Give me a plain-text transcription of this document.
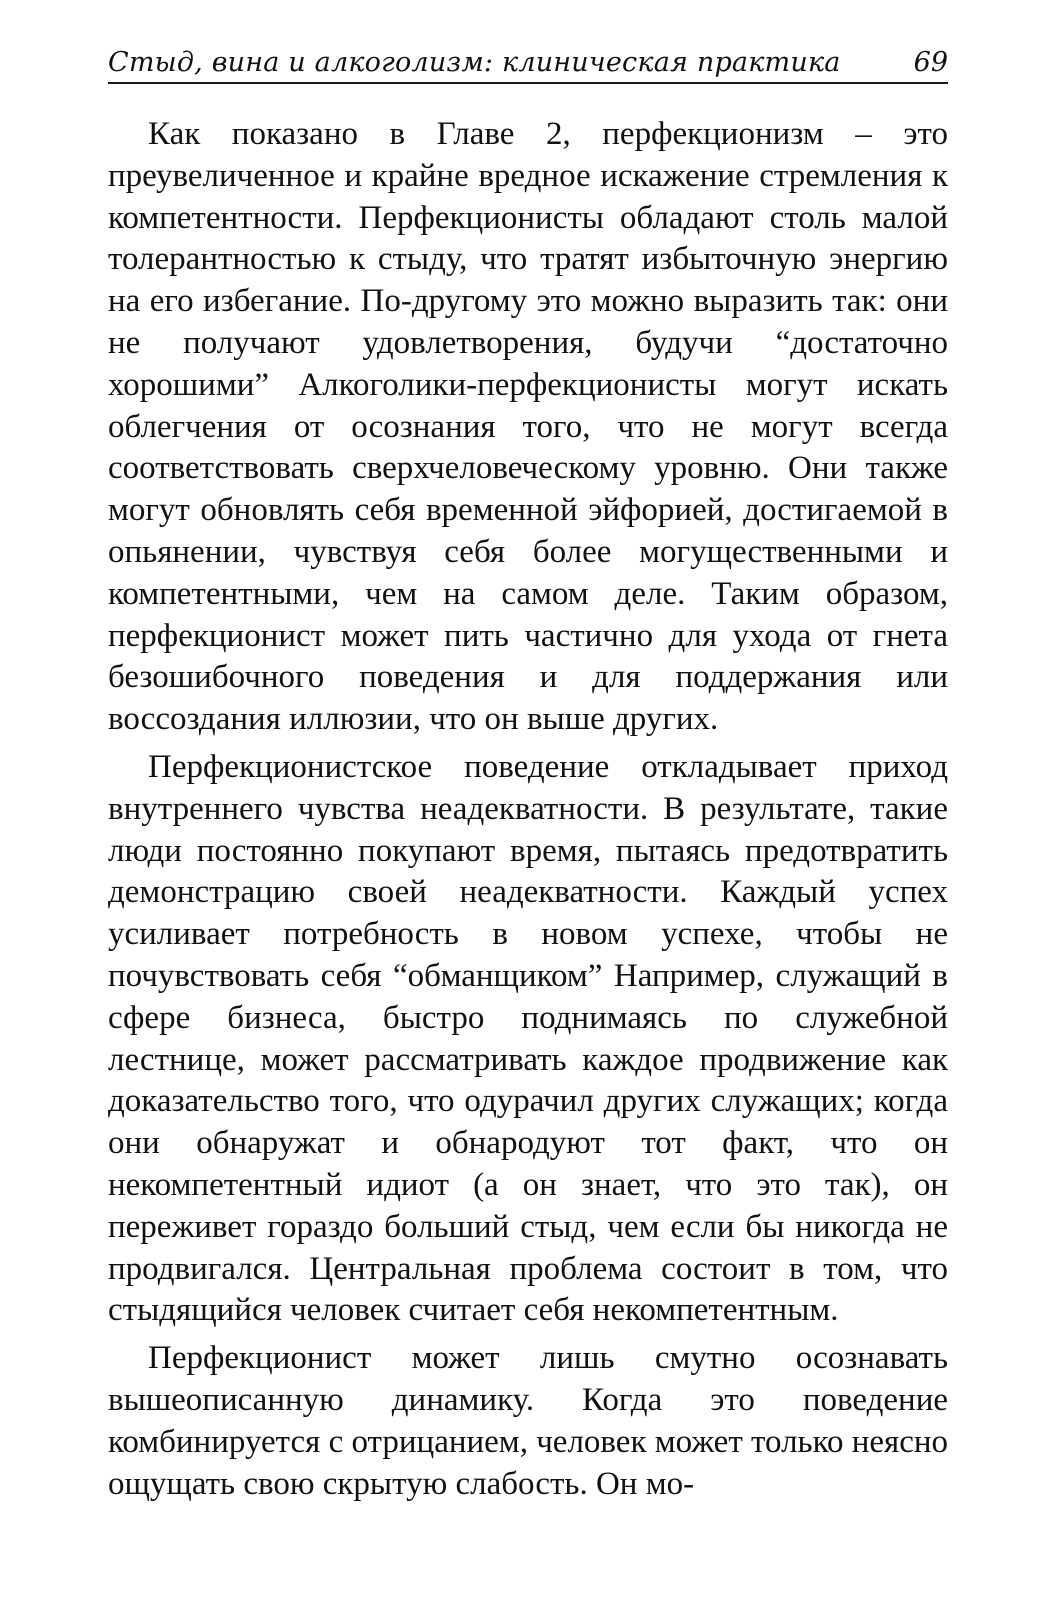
Стыд, вина и алкоголизм: клиническая практика	69

Как показано в Главе 2, перфекционизм – это преувеличенное и крайне вредное искажение стремления к компетентности. Перфекционисты обладают столь малой толерантностью к стыду, что тратят избыточную энергию на его избегание. По-другому это можно выразить так: они не получают удовлетворения, будучи “достаточно хорошими” Алкоголики-перфекционисты могут искать облегчения от осознания того, что не могут всегда соответствовать сверхчеловеческому уровню. Они также могут обновлять себя временной эйфорией, достигаемой в опьянении, чувствуя себя более могущественными и компетентными, чем на самом деле. Таким образом, перфекционист может пить частично для ухода от гнета безошибочного поведения и для поддержания или воссоздания иллюзии, что он выше других.

Перфекционистское поведение откладывает приход внутреннего чувства неадекватности. В результате, такие люди постоянно покупают время, пытаясь предотвратить демонстрацию своей неадекватности. Каждый успех усиливает потребность в новом успехе, чтобы не почувствовать себя “обманщиком” Например, служащий в сфере бизнеса, быстро поднимаясь по служебной лестнице, может рассматривать каждое продвижение как доказательство того, что одурачил других служащих; когда они обнаружат и обнародуют тот факт, что он некомпетентный идиот (а он знает, что это так), он переживет гораздо больший стыд, чем если бы никогда не продвигался. Центральная проблема состоит в том, что стыдящийся человек считает себя некомпетентным.

Перфекционист может лишь смутно осознавать вышеописанную динамику. Когда это поведение комбинируется с отрицанием, человек может только неясно ощущать свою скрытую слабость. Он мо-
